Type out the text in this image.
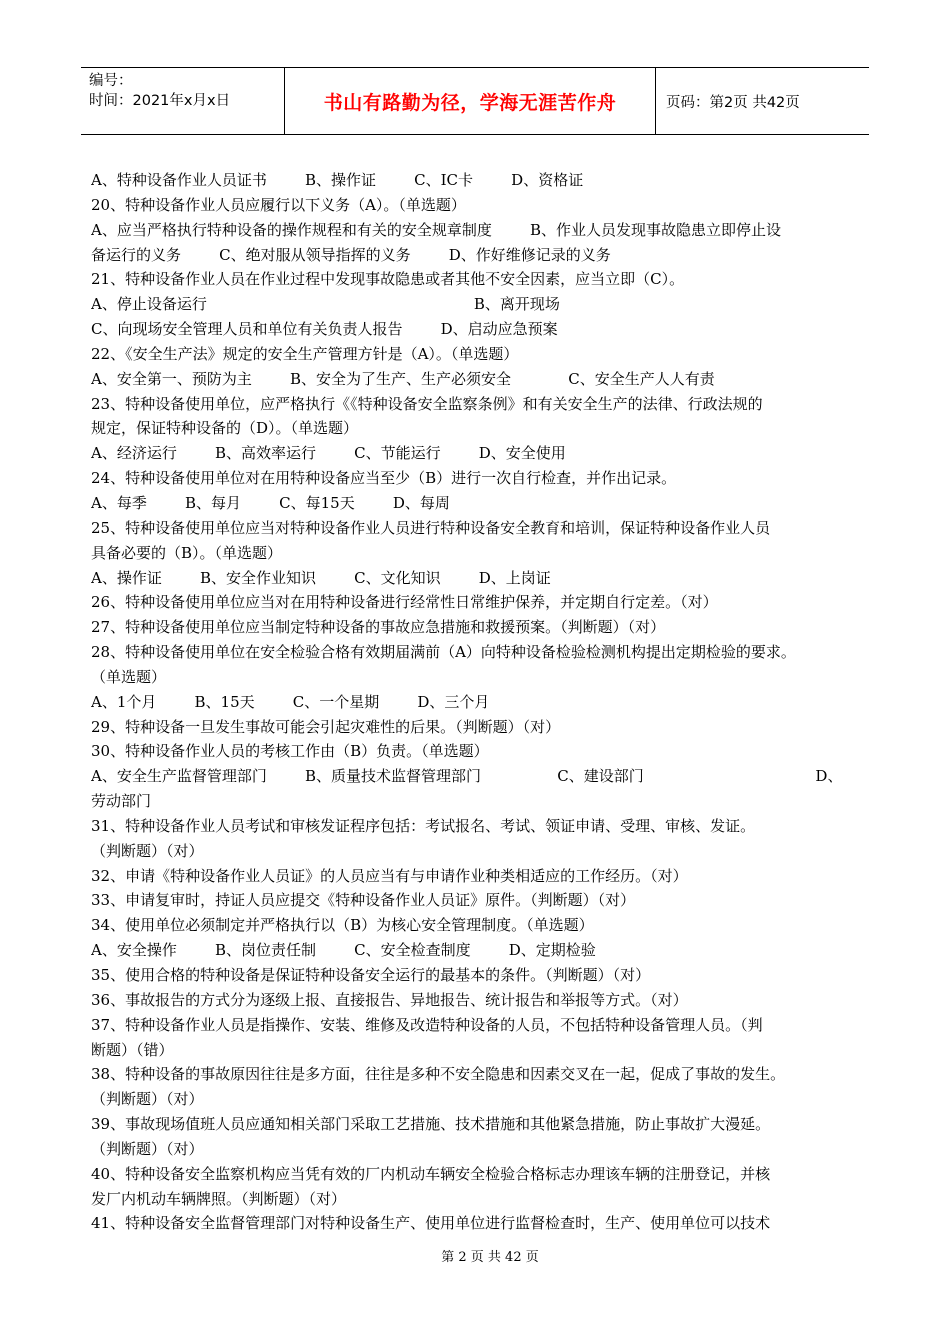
编号：
时间：2021年x月x日	书山有路勤为径，学海无涯苦作舟	页码：第2页 共42页
A、特种设备作业人员证书        B、操作证        C、IC卡        D、资格证
20、特种设备作业人员应履行以下义务（A）。（单选题）
A、应当严格执行特种设备的操作规程和有关的安全规章制度        B、作业人员发现事故隐患立即停止设
备运行的义务        C、绝对服从领导指挥的义务        D、作好维修记录的义务
21、特种设备作业人员在作业过程中发现事故隐患或者其他不安全因素，应当立即（C）。
A、停止设备运行                                                        B、离开现场
C、向现场安全管理人员和单位有关负责人报告        D、启动应急预案
22、《安全生产法》规定的安全生产管理方针是（A）。（单选题）
A、安全第一、预防为主        B、安全为了生产、生产必须安全            C、安全生产人人有责
23、特种设备使用单位，应严格执行《《特种设备安全监察条例》和有关安全生产的法律、行政法规的
规定，保证特种设备的（D）。（单选题）
A、经济运行        B、高效率运行        C、节能运行        D、安全使用
24、特种设备使用单位对在用特种设备应当至少（B）进行一次自行检查，并作出记录。
A、每季        B、每月        C、每15天        D、每周
25、特种设备使用单位应当对特种设备作业人员进行特种设备安全教育和培训，保证特种设备作业人员
具备必要的（B）。（单选题）
A、操作证        B、安全作业知识        C、文化知识        D、上岗证
26、特种设备使用单位应当对在用特种设备进行经常性日常维护保养，并定期自行定差。（对）
27、特种设备使用单位应当制定特种设备的事故应急措施和救援预案。（判断题）（对）
28、特种设备使用单位在安全检验合格有效期届满前（A）向特种设备检验检测机构提出定期检验的要求。
（单选题）
A、1个月        B、15天        C、一个星期        D、三个月
29、特种设备一旦发生事故可能会引起灾难性的后果。（判断题）（对）
30、特种设备作业人员的考核工作由（B）负责。（单选题）
A、安全生产监督管理部门        B、质量技术监督管理部门                C、建设部门                                    D、
劳动部门
31、特种设备作业人员考试和审核发证程序包括：考试报名、考试、领证申请、受理、审核、发证。
（判断题）（对）
32、申请《特种设备作业人员证》的人员应当有与申请作业种类相适应的工作经历。（对）
33、申请复审时，持证人员应提交《特种设备作业人员证》原件。（判断题）（对）
34、使用单位必须制定并严格执行以（B）为核心安全管理制度。（单选题）
A、安全操作        B、岗位责任制        C、安全检查制度        D、定期检验
35、使用合格的特种设备是保证特种设备安全运行的最基本的条件。（判断题）（对）
36、事故报告的方式分为逐级上报、直接报告、异地报告、统计报告和举报等方式。（对）
37、特种设备作业人员是指操作、安装、维修及改造特种设备的人员，不包括特种设备管理人员。（判
断题）（错）
38、特种设备的事故原因往往是多方面，往往是多种不安全隐患和因素交叉在一起，促成了事故的发生。
（判断题）（对）
39、事故现场值班人员应通知相关部门采取工艺措施、技术措施和其他紧急措施，防止事故扩大漫延。
（判断题）（对）
40、特种设备安全监察机构应当凭有效的厂内机动车辆安全检验合格标志办理该车辆的注册登记，并核
发厂内机动车辆牌照。（判断题）（对）
41、特种设备安全监督管理部门对特种设备生产、使用单位进行监督检查时，生产、使用单位可以技术
第 2 页 共 42 页
